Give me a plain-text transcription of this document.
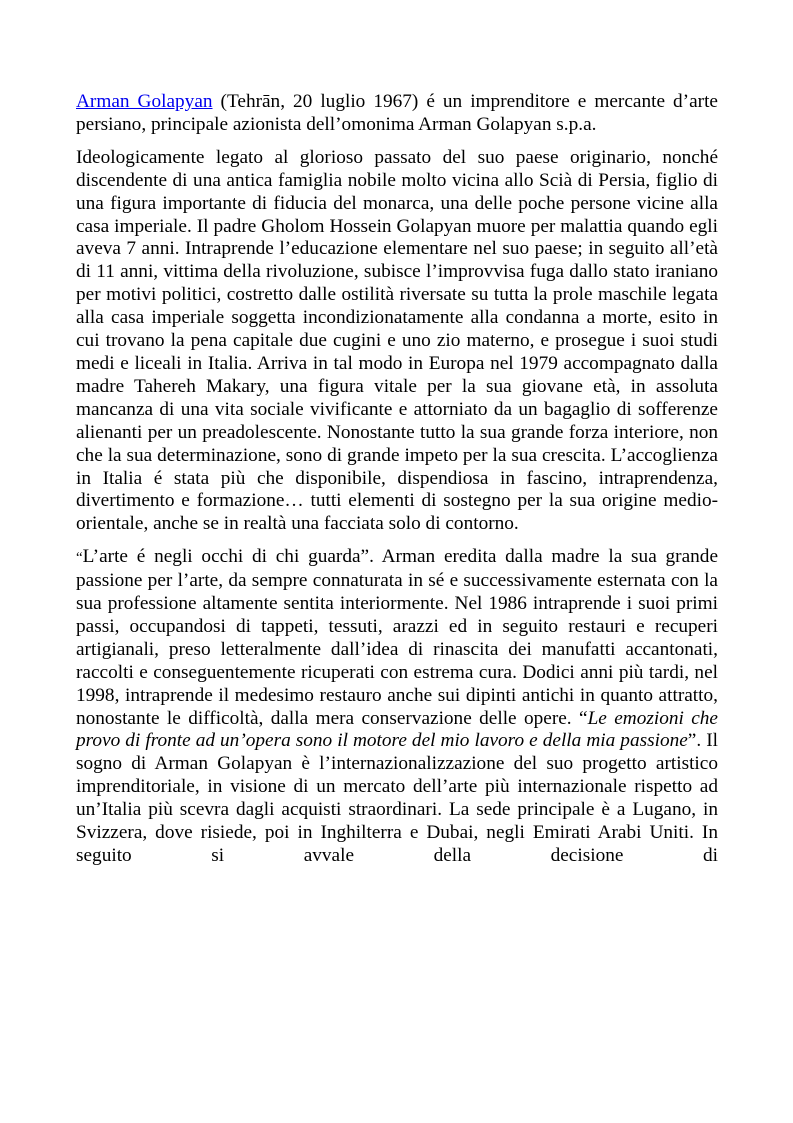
Arman Golapyan (Tehrān, 20 luglio 1967) é un imprenditore e mercante d’arte persiano, principale azionista dell’omonima Arman Golapyan s.p.a.

Ideologicamente legato al glorioso passato del suo paese originario, nonché discendente di una antica famiglia nobile molto vicina allo Scià di Persia, figlio di una figura importante di fiducia del monarca, una delle poche persone vicine alla casa imperiale. Il padre Gholom Hossein Golapyan muore per malattia quando egli aveva 7 anni. Intraprende l’educazione elementare nel suo paese; in seguito all’età di 11 anni, vittima della rivoluzione, subisce l’improvvisa fuga dallo stato iraniano per motivi politici, costretto dalle ostilità riversate su tutta la prole maschile legata alla casa imperiale soggetta incondizionatamente alla condanna a morte, esito in cui trovano la pena capitale due cugini e uno zio materno, e prosegue i suoi studi medi e liceali in Italia. Arriva in tal modo in Europa nel 1979 accompagnato dalla madre Tahereh Makary, una figura vitale per la sua giovane età, in assoluta mancanza di una vita sociale vivificante e attorniato da un bagaglio di sofferenze alienanti per un preadolescente. Nonostante tutto la sua grande forza interiore, non che la sua determinazione, sono di grande impeto per la sua crescita. L’accoglienza in Italia é stata più che disponibile, dispendiosa in fascino, intraprendenza, divertimento e formazione… tutti elementi di sostegno per la sua origine medio-orientale, anche se in realtà una facciata solo di contorno.

“L’arte é negli occhi di chi guarda”. Arman eredita dalla madre la sua grande passione per l’arte, da sempre connaturata in sé e successivamente esternata con la sua professione altamente sentita interiormente. Nel 1986 intraprende i suoi primi passi, occupandosi di tappeti, tessuti, arazzi ed in seguito restauri e recuperi artigianali, preso letteralmente dall’idea di rinascita dei manufatti accantonati, raccolti e conseguentemente ricuperati con estrema cura. Dodici anni più tardi, nel 1998, intraprende il medesimo restauro anche sui dipinti antichi in quanto attratto, nonostante le difficoltà, dalla mera conservazione delle opere. “Le emozioni che provo di fronte ad un’opera sono il motore del mio lavoro e della mia passione”. Il sogno di Arman Golapyan è l’internazionalizzazione del suo progetto artistico imprenditoriale, in visione di un mercato dell’arte più internazionale rispetto ad un’Italia più scevra dagli acquisti straordinari. La sede principale è a Lugano, in Svizzera, dove risiede, poi in Inghilterra e Dubai, negli Emirati Arabi Uniti. In seguito si avvale della decisione di
